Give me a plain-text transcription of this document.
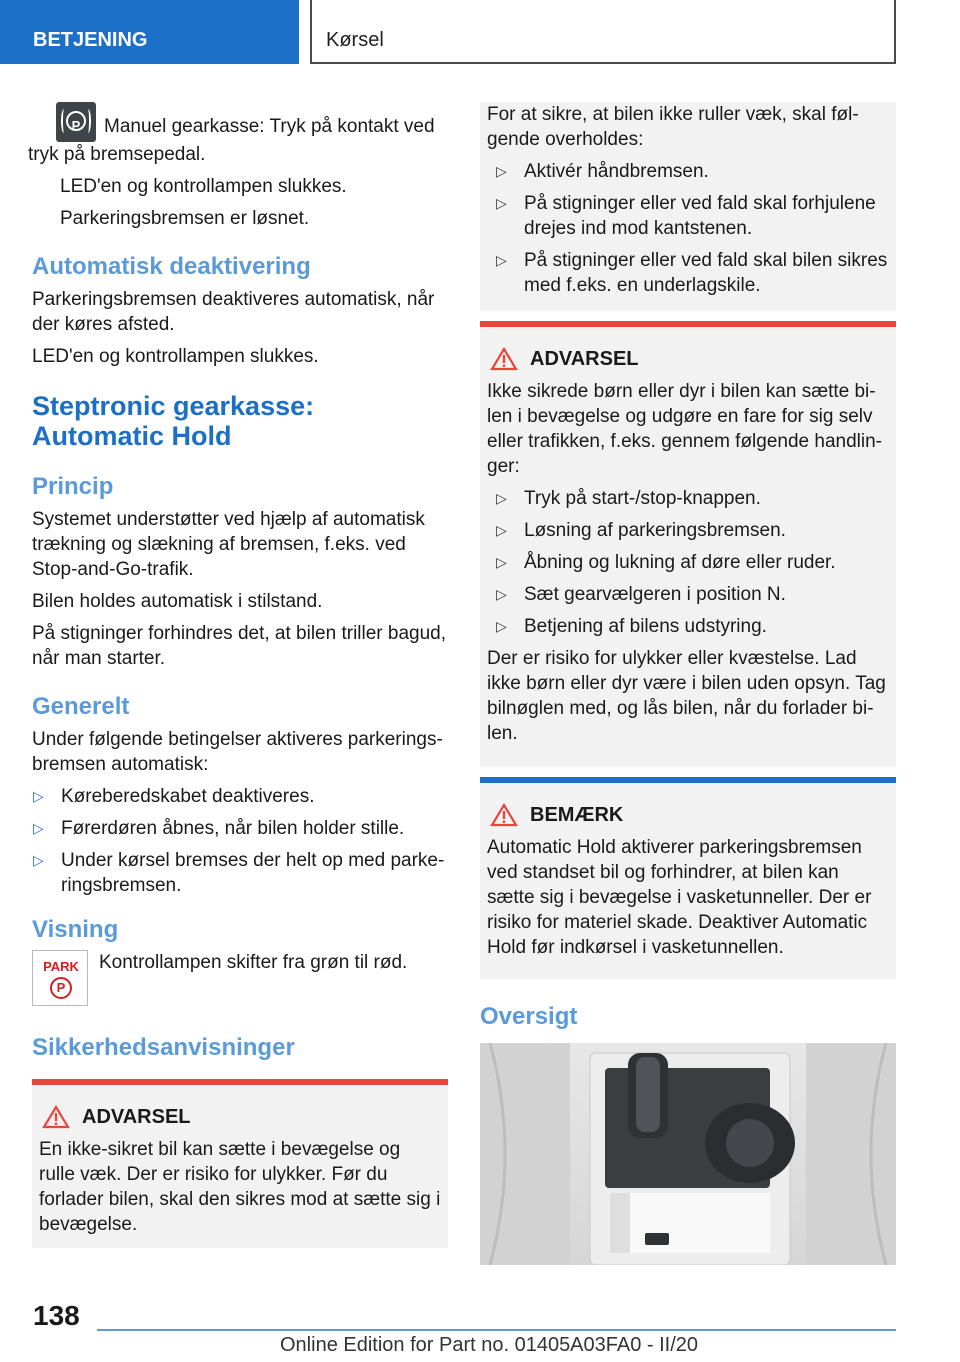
BETJENING	Kørsel

P	Manuel gearkasse: Tryk på kontakt ved tryk på bremsepedal.

LED'en og kontrollampen slukkes.

Parkeringsbremsen er løsnet.

Automatisk deaktivering

Parkeringsbremsen deaktiveres automatisk, når der køres afsted.

LED'en og kontrollampen slukkes.

Steptronic gearkasse: Automatic Hold
Princip

Systemet understøtter ved hjælp af automatisk trækning og slækning af bremsen, f.eks. ved Stop-and-Go-trafik.

Bilen holdes automatisk i stilstand.

På stigninger forhindres det, at bilen triller bagud, når man starter.

Generelt

Under følgende betingelser aktiveres parkeringsbremsen automatisk:

▷ Køreberedskabet deaktiveres.
▷ Førerdøren åbnes, når bilen holder stille.
▷ Under kørsel bremses der helt op med parkeringsbremsen.
Visning
PARK
P

Kontrollampen skifter fra grøn til rød.

Sikkerhedsanvisninger
ADVARSEL

En ikke-sikret bil kan sætte i bevægelse og rulle væk. Der er risiko for ulykker. Før du forlader bilen, skal den sikres mod at sætte sig i bevægelse.

For at sikre, at bilen ikke ruller væk, skal følgende overholdes:

▷ Aktivér håndbremsen.
▷ På stigninger eller ved fald skal forhjulene drejes ind mod kantstenen.
▷ På stigninger eller ved fald skal bilen sikres med f.eks. en underlagskile.
ADVARSEL

Ikke sikrede børn eller dyr i bilen kan sætte bilen i bevægelse og udgøre en fare for sig selv eller trafikken, f.eks. gennem følgende handlinger:

▷ Tryk på start-/stop-knappen.
▷ Løsning af parkeringsbremsen.
▷ Åbning og lukning af døre eller ruder.
▷ Sæt gearvælgeren i position N.
▷ Betjening af bilens udstyring.

Der er risiko for ulykker eller kvæstelse. Lad ikke børn eller dyr være i bilen uden opsyn. Tag bilnøglen med, og lås bilen, når du forlader bilen.

BEMÆRK

Automatic Hold aktiverer parkeringsbremsen ved standset bil og forhindrer, at bilen kan sætte sig i bevægelse i vasketunneller. Der er risiko for materiel skade. Deaktiver Automatic Hold før indkørsel i vasketunnellen.

Oversigt
138
Online Edition for Part no. 01405A03FA0 - II/20
